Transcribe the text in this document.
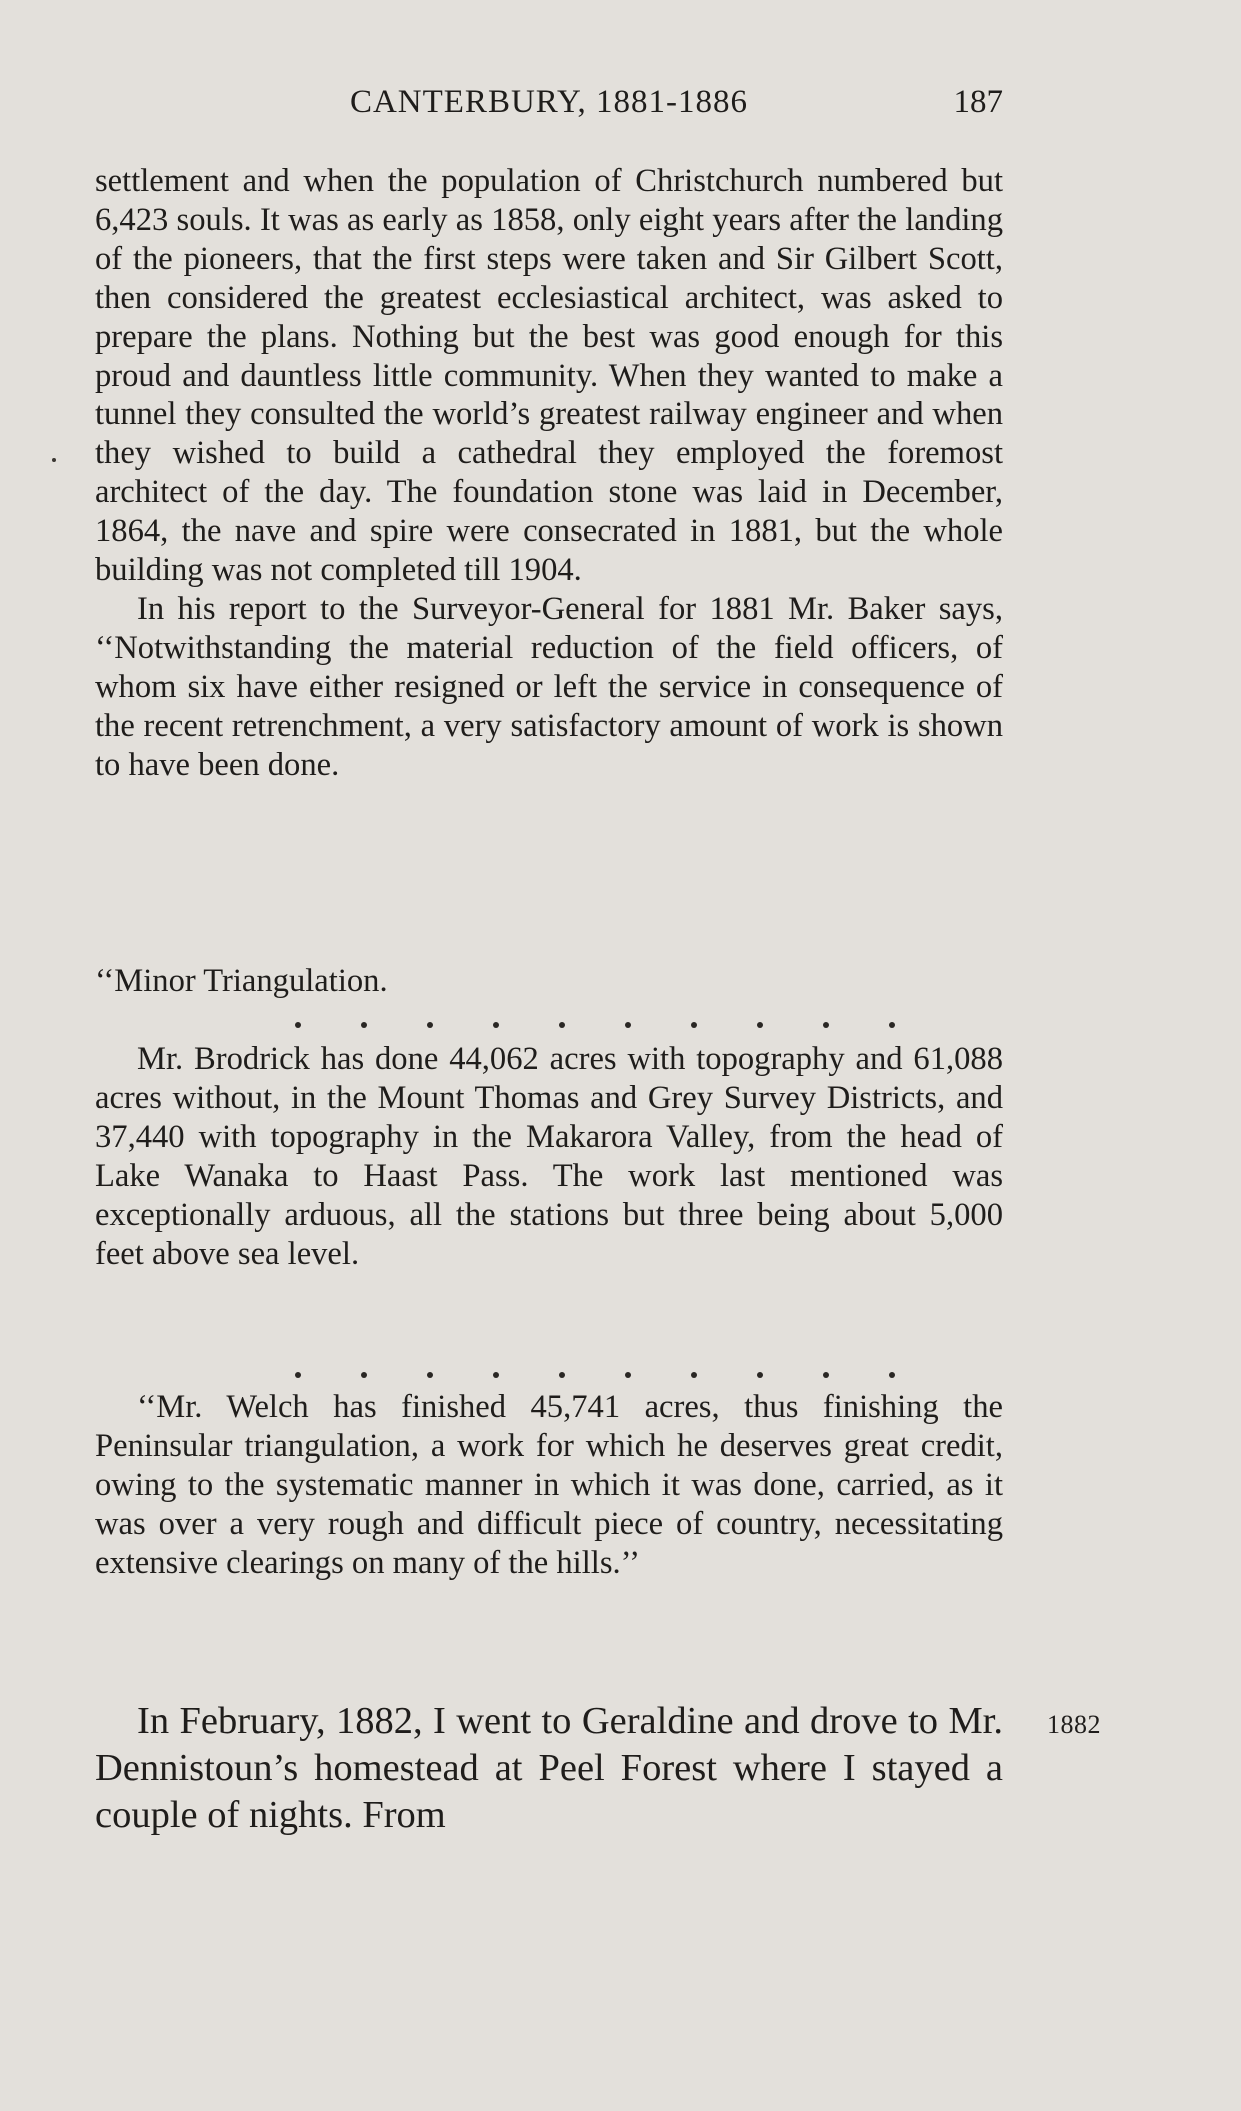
CANTERBURY, 1881-1886	187

settlement and when the population of Christchurch numbered but 6,423 souls. It was as early as 1858, only eight years after the landing of the pioneers, that the first steps were taken and Sir Gilbert Scott, then considered the greatest ecclesiastical architect, was asked to prepare the plans. Nothing but the best was good enough for this proud and dauntless little community. When they wanted to make a tunnel they consulted the world’s greatest railway engineer and when they wished to build a cathedral they employed the foremost architect of the day. The foundation stone was laid in December, 1864, the nave and spire were consecrated in 1881, but the whole building was not completed till 1904.

In his report to the Surveyor-General for 1881 Mr. Baker says, ‘‘Notwithstanding the material reduction of the field officers, of whom six have either resigned or left the service in consequence of the recent retrenchment, a very satisfactory amount of work is shown to have been done.

‘‘Minor Triangulation.

Mr. Brodrick has done 44,062 acres with topography and 61,088 acres without, in the Mount Thomas and Grey Survey Districts, and 37,440 with topography in the Makarora Valley, from the head of Lake Wanaka to Haast Pass. The work last mentioned was exceptionally arduous, all the stations but three being about 5,000 feet above sea level.

‘‘Mr. Welch has finished 45,741 acres, thus finishing the Peninsular triangulation, a work for which he deserves great credit, owing to the systematic manner in which it was done, carried, as it was over a very rough and difficult piece of country, necessitating extensive clearings on many of the hills.’’

In February, 1882, I went to Geraldine and drove to Mr. Dennistoun’s homestead at Peel Forest where I stayed a couple of nights. From

1882
